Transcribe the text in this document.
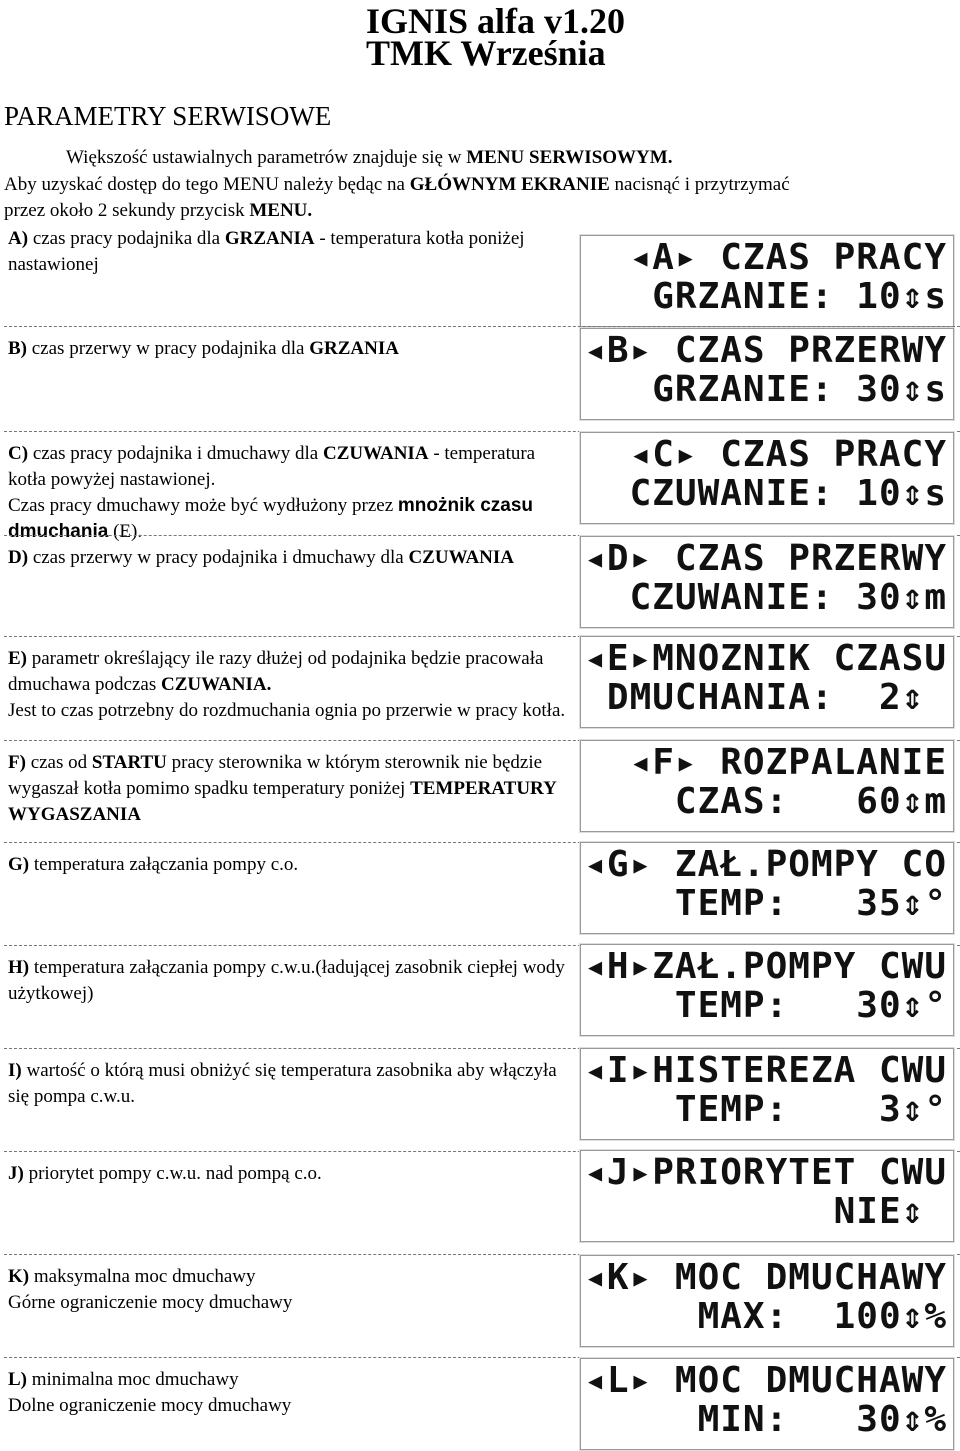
IGNIS alfa v1.20
TMK Września
PARAMETRY SERWISOWE
Większość ustawialnych parametrów znajduje się w MENU SERWISOWYM.
Aby uzyskać dostęp do tego MENU należy będąc na GŁÓWNYM EKRANIE nacisnąć i przytrzymać
przez około 2 sekundy przycisk MENU.

A) czas pracy podajnika dla GRZANIA - temperatura kotła poniżej nastawionej	◂A▸ CZAS PRACY
GRZANIE: 10⇕s

B) czas przerwy w pracy podajnika dla GRZANIA	◂B▸ CZAS PRZERWY
GRZANIE: 30⇕s

C) czas pracy podajnika i dmuchawy dla CZUWANIA - temperatura kotła powyżej nastawionej.

Czas pracy dmuchawy może być wydłużony przez mnożnik czasu dmuchania (E).

◂C▸ CZAS PRACY
CZUWANIE: 10⇕s

D) czas przerwy w pracy podajnika i dmuchawy dla CZUWANIA	◂D▸ CZAS PRZERWY
CZUWANIE: 30⇕m

E) parametr określający ile razy dłużej od podajnika będzie pracowała dmuchawa podczas CZUWANIA.

Jest to czas potrzebny do rozdmuchania ognia po przerwie w pracy kotła.

◂E▸MNOZNIK CZASU
DMUCHANIA:  2⇕

F) czas od STARTU pracy sterownika w którym sterownik nie będzie wygaszał kotła pomimo spadku temperatury poniżej TEMPERATURY WYGASZANIA

◂F▸ ROZPALANIE
CZAS:   60⇕m

G) temperatura załączania pompy c.o.	◂G▸ ZAŁ.POMPY CO
TEMP:   35⇕°

H) temperatura załączania pompy c.w.u.(ładującej zasobnik ciepłej wody użytkowej)

◂H▸ZAŁ.POMPY CWU
TEMP:   30⇕°

I) wartość o którą musi obniżyć się temperatura zasobnika aby włączyła się pompa c.w.u.

◂I▸HISTEREZA CWU
TEMP:    3⇕°

J) priorytet pompy c.w.u. nad pompą c.o.	◂J▸PRIORYTET CWU
NIE⇕

K) maksymalna moc dmuchawy

Górne ograniczenie mocy dmuchawy

◂K▸ MOC DMUCHAWY
MAX:  100⇕%

L) minimalna moc dmuchawy

Dolne ograniczenie mocy dmuchawy

◂L▸ MOC DMUCHAWY
MIN:   30⇕%
